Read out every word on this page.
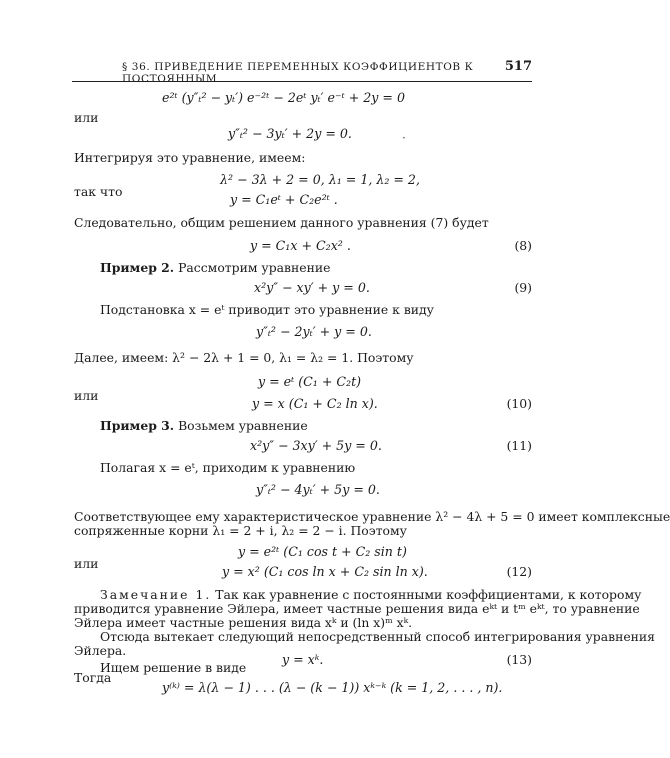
§ 36. ПРИВЕДЕНИЕ ПЕРЕМЕННЫХ КОЭФФИЦИЕНТОВ К ПОСТОЯННЫМ
517
e²ᵗ (y″ₜ² − yₜ′) e⁻²ᵗ − 2eᵗ yₜ′ e⁻ᵗ + 2y = 0
или
y″ₜ² − 3yₜ′ + 2y = 0.	·
Интегрируя это уравнение, имеем:
λ² − 3λ + 2 = 0, λ₁ = 1, λ₂ = 2,
так что
y = C₁eᵗ + C₂e²ᵗ .
Следовательно, общим решением данного уравнения (7) будет
y = C₁x + C₂x² .	(8)
Пример 2. Рассмотрим уравнение
x²y″ − xy′ + y = 0.	(9)
Подстановка x = eᵗ приводит это уравнение к виду
y″ₜ² − 2yₜ′ + y = 0.
Далее, имеем: λ² − 2λ + 1 = 0, λ₁ = λ₂ = 1. Поэтому
y = eᵗ (C₁ + C₂t)
или
y = x (C₁ + C₂ ln x).	(10)
Пример 3. Возьмем уравнение
x²y″ − 3xy′ + 5y = 0.	(11)
Полагая x = eᵗ, приходим к уравнению
y″ₜ² − 4yₜ′ + 5y = 0.
Соответствующее ему характеристическое уравнение λ² − 4λ + 5 = 0 имеет комплексные
сопряженные корни λ₁ = 2 + i, λ₂ = 2 − i. Поэтому
y = e²ᵗ (C₁ cos t + C₂ sin t)
или
y = x² (C₁ cos ln x + C₂ sin ln x).	(12)
Замечание 1. Так как уравнение с постоянными коэффициентами, к которому
приводится уравнение Эйлера, имеет частные решения вида eᵏᵗ и tᵐ eᵏᵗ, то уравнение
Эйлера имеет частные решения вида xᵏ и (ln x)ᵐ xᵏ.
Отсюда вытекает следующий непосредственный способ интегрирования уравнения
Эйлера.
Ищем решение в виде
y = xᵏ.	(13)
Тогда
y⁽ᵏ⁾ = λ(λ − 1) . . . (λ − (k − 1)) xᵏ⁻ᵏ (k = 1, 2, . . . , n).
